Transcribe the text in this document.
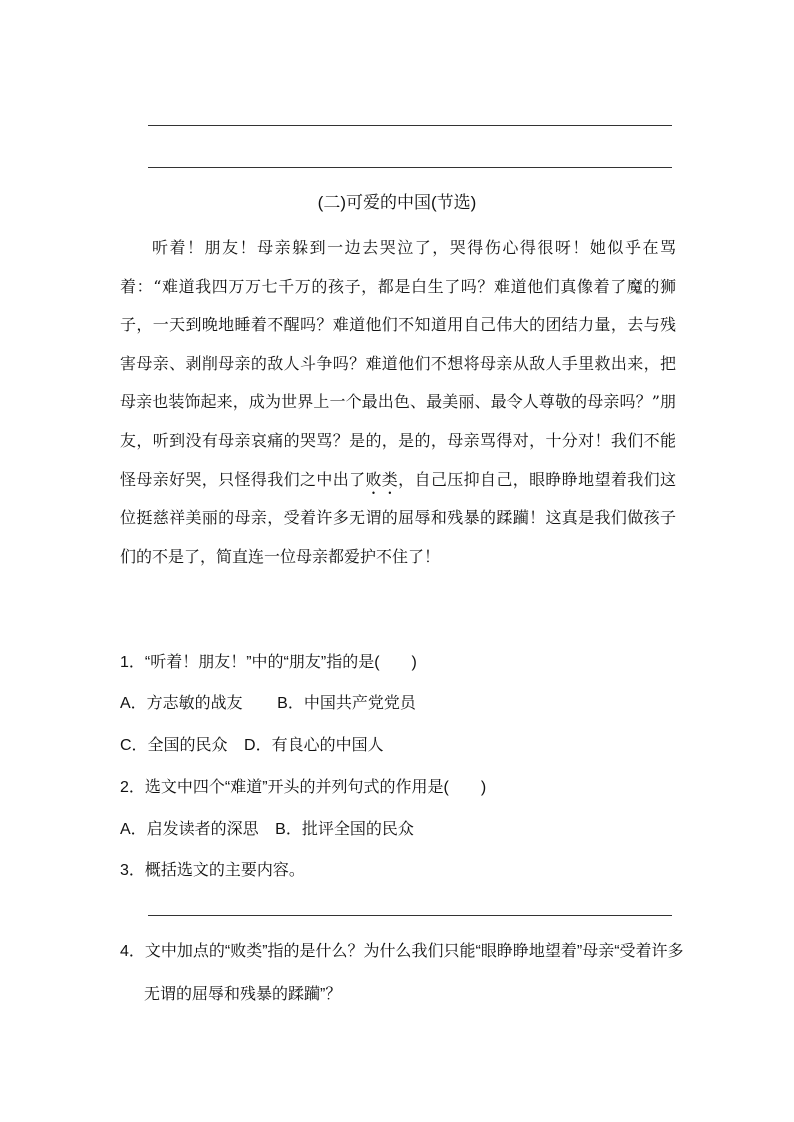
(二)可爱的中国(节选)

听着！朋友！母亲躲到一边去哭泣了，哭得伤心得很呀！她似乎在骂着：“难道我四万万七千万的孩子，都是白生了吗？难道他们真像着了魔的狮子，一天到晚地睡着不醒吗？难道他们不知道用自己伟大的团结力量，去与残害母亲、剥削母亲的敌人斗争吗？难道他们不想将母亲从敌人手里救出来，把母亲也装饰起来，成为世界上一个最出色、最美丽、最令人尊敬的母亲吗？”朋友，听到没有母亲哀痛的哭骂？是的，是的，母亲骂得对，十分对！我们不能怪母亲好哭，只怪得我们之中出了败类，自己压抑自己，眼睁睁地望着我们这位挺慈祥美丽的母亲，受着许多无谓的屈辱和残暴的蹂躏！这真是我们做孩子们的不是了，简直连一位母亲都爱护不住了！

1．“听着！朋友！”中的“朋友”指的是(　　)
A．方志敏的战友 B．中国共产党党员
C．全国的民众 D．有良心的中国人
2．选文中四个“难道”开头的并列句式的作用是(　　)
A．启发读者的深思 B．批评全国的民众
3．概括选文的主要内容。
4．文中加点的“败类”指的是什么？为什么我们只能“眼睁睁地望着”母亲“受着许多无谓的屈辱和残暴的蹂躏”？
